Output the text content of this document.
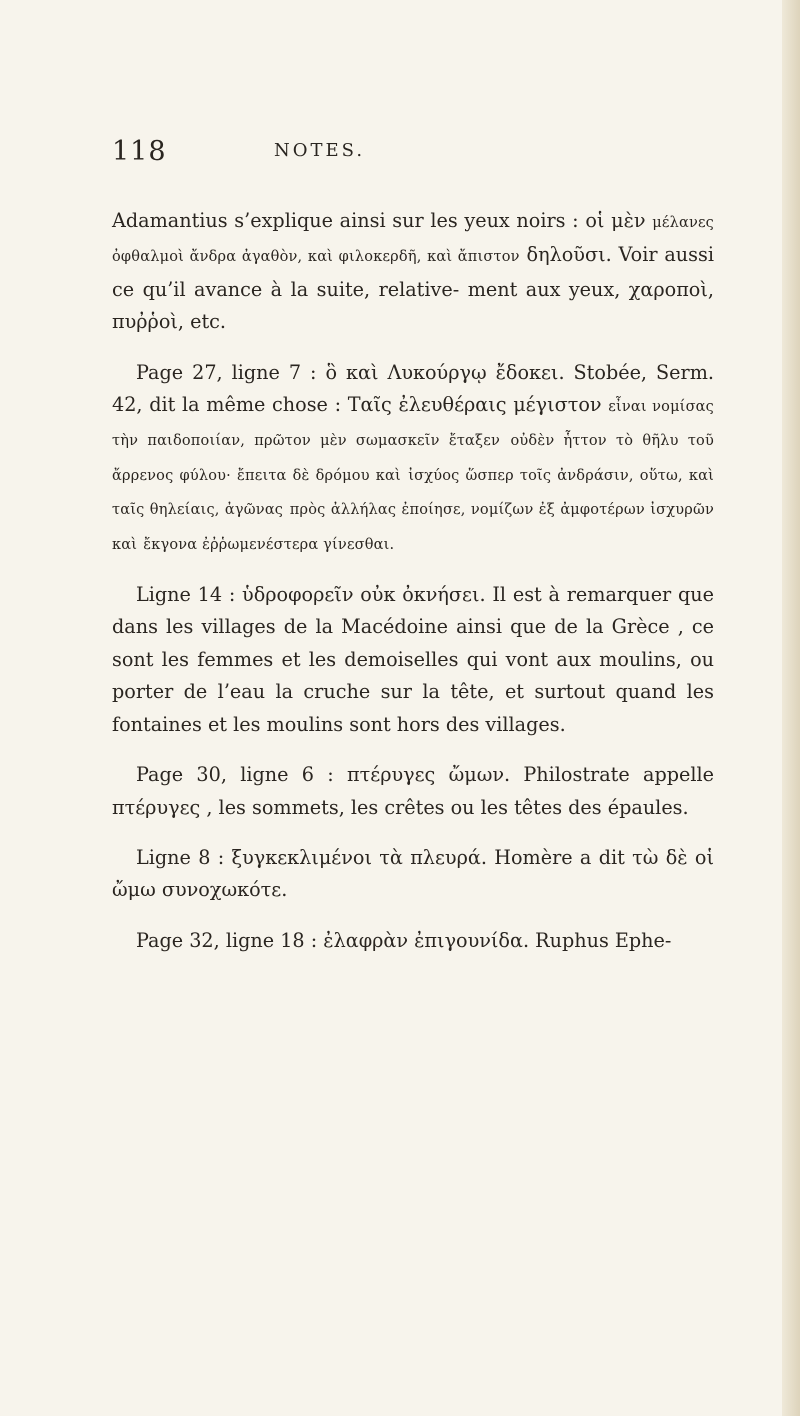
118	NOTES.

Adamantius s’explique ainsi sur les yeux noirs : οἱ μὲν μέλανες ὀφθαλμοὶ ἄνδρα ἀγαθὸν, καὶ φιλοκερδῆ, καὶ ἄπιστον δηλοῦσι. Voir aussi ce qu’il avance à la suite, relative- ment aux yeux, χαροποὶ, πυῤῥοὶ, etc.

Page 27, ligne 7 : ὃ καὶ Λυκούργῳ ἔδοκει. Stobée, Serm. 42, dit la même chose : Ταῖς ἐλευθέραις μέγιστον εἶναι νομίσας τὴν παιδοποιίαν, πρῶτον μὲν σωμασκεῖν ἔταξεν οὐδὲν ἧττον τὸ θῆλυ τοῦ ἄρρενος φύλου· ἔπειτα δὲ δρόμου καὶ ἰσχύος ὥσπερ τοῖς ἀνδράσιν, οὕτω, καὶ ταῖς θηλείαις, ἀγῶνας πρὸς ἀλλήλας ἐποίησε, νομίζων ἐξ ἀμφοτέρων ἰσχυρῶν καὶ ἔκγονα ἐῤῥωμενέστερα γίνεσθαι.

Ligne 14 : ὑδροφορεῖν οὐκ ὀκνήσει. Il est à remarquer que dans les villages de la Macédoine ainsi que de la Grèce , ce sont les femmes et les demoiselles qui vont aux moulins, ou porter de l’eau la cruche sur la tête, et surtout quand les fontaines et les moulins sont hors des villages.

Page 30, ligne 6 : πτέρυγες ὤμων. Philostrate appelle πτέρυγες , les sommets, les crêtes ou les têtes des épaules.

Ligne 8 : ξυγκεκλιμένοι τὰ πλευρά. Homère a dit τὼ δὲ οἱ ὤμω συνοχωκότε.

Page 32, ligne 18 : ἐλαφρὰν ἐπιγουνίδα. Ruphus Ephe-
